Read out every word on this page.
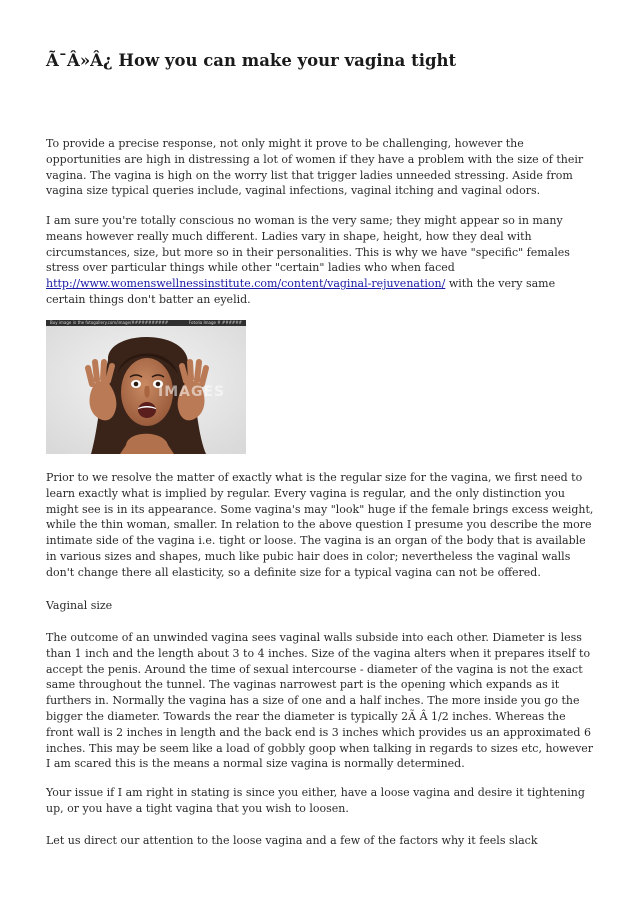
Ã¯Â»Â¿ How you can make your vagina tight

To provide a precise response, not only might it prove to be challenging, however the opportunities are high in distressing a lot of women if they have a problem with the size of their vagina. The vagina is high on the worry list that trigger ladies unneeded stressing. Aside from vagina size typical queries include, vaginal infections, vaginal itching and vaginal odors.

I am sure you're totally conscious no woman is the very same; they might appear so in many means however really much different. Ladies vary in shape, height, how they deal with circumstances, size, but more so in their personalities. This is why we have "specific" females stress over particular things while other "certain" ladies who when faced http://www.womenswellnessinstitute.com/content/vaginal-rejuvenation/ with the very same certain things don't batter an eyelid.

Buy image in the fotogallery.com/image/###########	Fotolia Image # ######
IMAGES

Prior to we resolve the matter of exactly what is the regular size for the vagina, we first need to learn exactly what is implied by regular. Every vagina is regular, and the only distinction you might see is in its appearance. Some vagina's may "look" huge if the female brings excess weight, while the thin woman, smaller. In relation to the above question I presume you describe the more intimate side of the vagina i.e. tight or loose. The vagina is an organ of the body that is available in various sizes and shapes, much like pubic hair does in color; nevertheless the vaginal walls don't change there all elasticity, so a definite size for a typical vagina can not be offered.

Vaginal size

The outcome of an unwinded vagina sees vaginal walls subside into each other. Diameter is less than 1 inch and the length about 3 to 4 inches. Size of the vagina alters when it prepares itself to accept the penis. Around the time of sexual intercourse - diameter of the vagina is not the exact same throughout the tunnel. The vaginas narrowest part is the opening which expands as it furthers in. Normally the vagina has a size of one and a half inches. The more inside you go the bigger the diameter. Towards the rear the diameter is typically 2Ã Â 1/2 inches. Whereas the front wall is 2 inches in length and the back end is 3 inches which provides us an approximated 6 inches. This may be seem like a load of gobbly goop when talking in regards to sizes etc, however I am scared this is the means a normal size vagina is normally determined.

Your issue if I am right in stating is since you either, have a loose vagina and desire it tightening up, or you have a tight vagina that you wish to loosen.

Let us direct our attention to the loose vagina and a few of the factors why it feels slack
